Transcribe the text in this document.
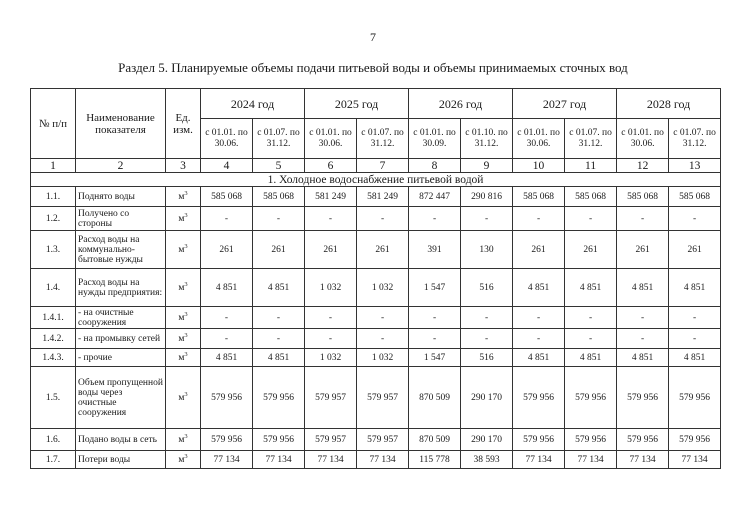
7
Раздел 5. Планируемые объемы подачи питьевой воды и объемы принимаемых сточных вод
№ п/п	Наименование показателя	Ед. изм.	2024 год		2025 год		2026 год		2027 год		2028 год	
			с 01.01. по 30.06.	с 01.07. по 31.12.	с 01.01. по 30.06.	с 01.07. по 31.12.	с 01.01. по 30.09.	с 01.10. по 31.12.	с 01.01. по 30.06.	с 01.07. по 31.12.	с 01.01. по 30.06.	с 01.07. по 31.12.
1	2	3	4	5	6	7	8	9	10	11	12	13
1. Холодное водоснабжение питьевой водой												
1.1.	Поднято воды	$м^3$	585 068	585 068	581 249	581 249	872 447	290 816	585 068	585 068	585 068	585 068
1.2.	Получено со стороны	$м^3$	-	-	-	-	-	-	-	-	-	-
1.3.	Расход воды на коммунально-бытовые нужды	$м^3$	261	261	261	261	391	130	261	261	261	261
1.4.	Расход воды на нужды предприятия:	$м^3$	4 851	4 851	1 032	1 032	1 547	516	4 851	4 851	4 851	4 851
1.4.1.	- на очистные сооружения	$м^3$	-	-	-	-	-	-	-	-	-	-
1.4.2.	- на промывку сетей	$м^3$	-	-	-	-	-	-	-	-	-	-
1.4.3.	- прочие	$м^3$	4 851	4 851	1 032	1 032	1 547	516	4 851	4 851	4 851	4 851
1.5.	Объем пропущенной воды через очистные сооружения	$м^3$	579 956	579 956	579 957	579 957	870 509	290 170	579 956	579 956	579 956	579 956
1.6.	Подано воды в сеть	$м^3$	579 956	579 956	579 957	579 957	870 509	290 170	579 956	579 956	579 956	579 956
1.7.	Потери воды	$м^3$	77 134	77 134	77 134	77 134	115 778	38 593	77 134	77 134	77 134	77 134
